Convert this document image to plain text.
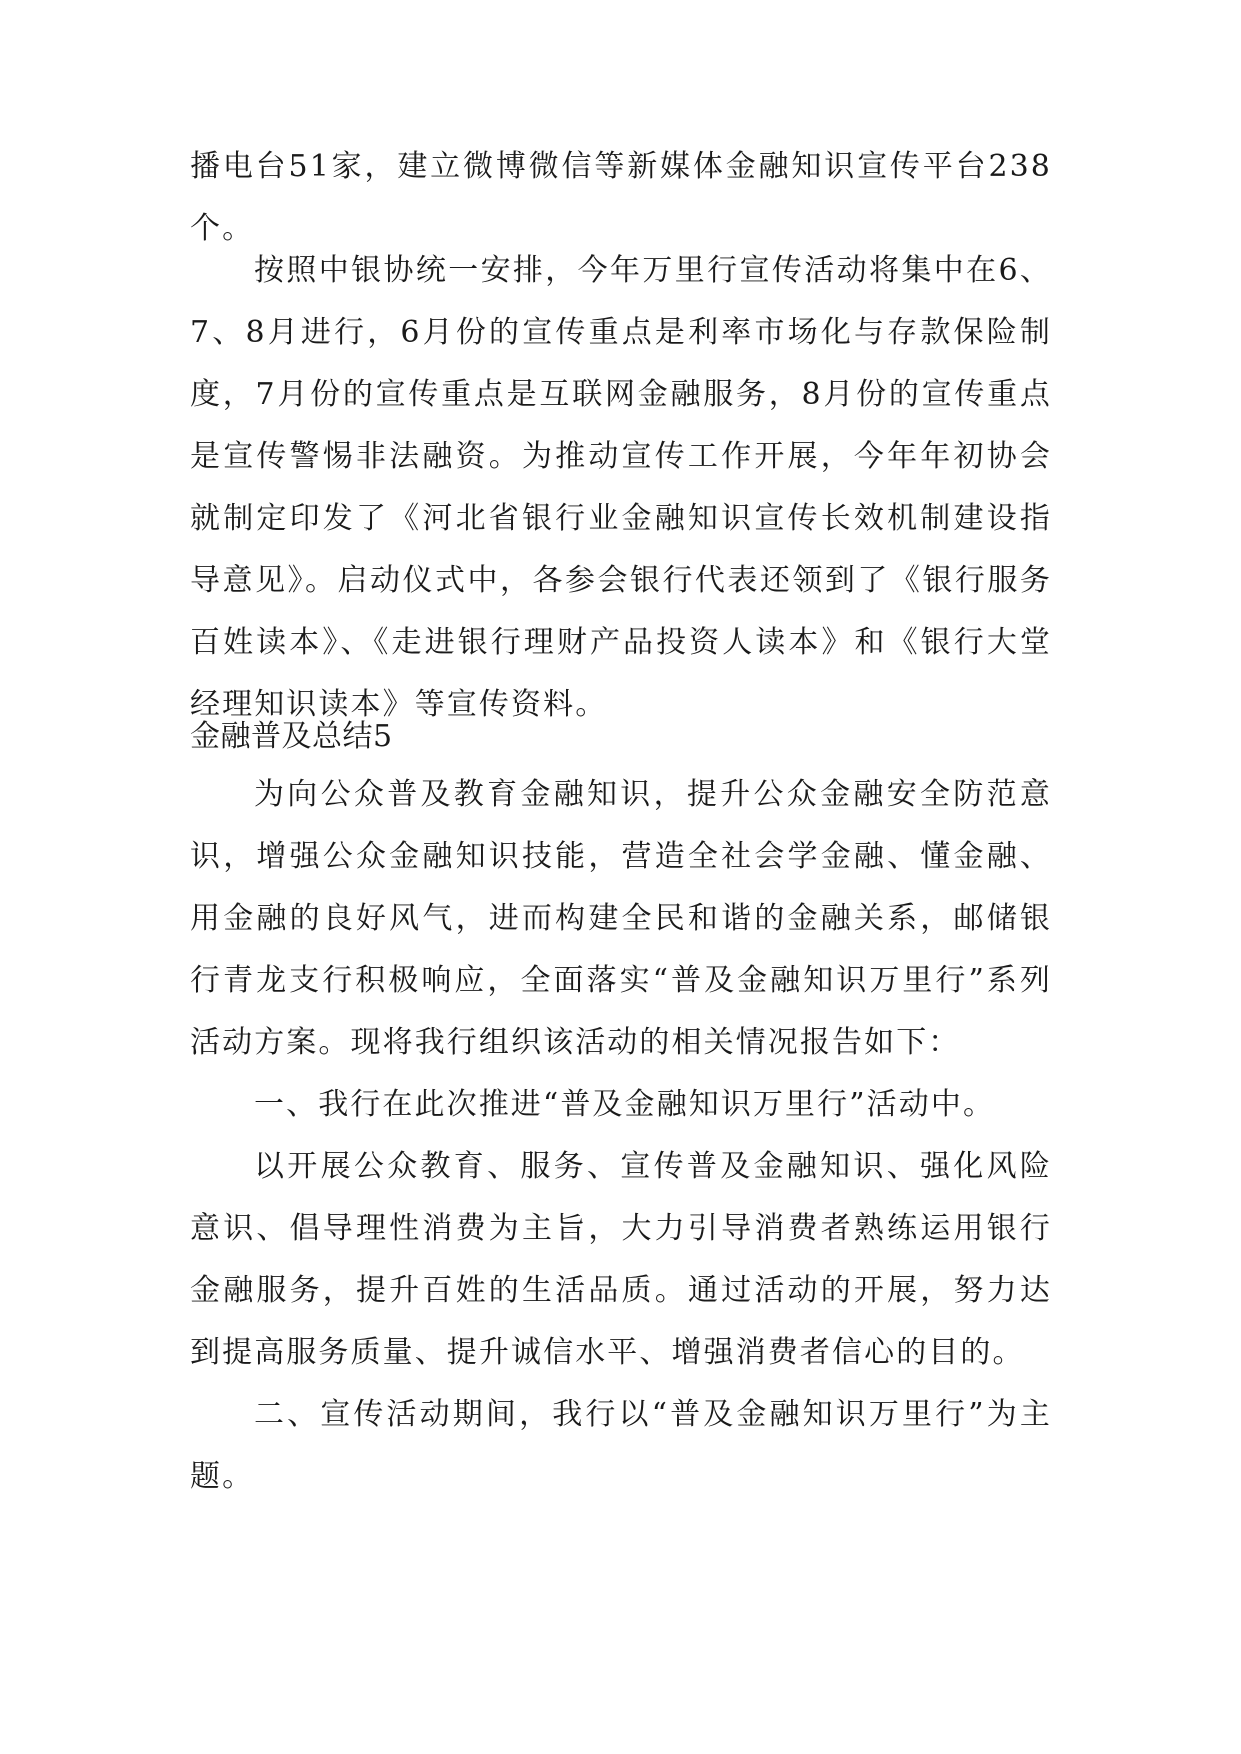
播电台51家，建立微博微信等新媒体金融知识宣传平台238个。

按照中银协统一安排，今年万里行宣传活动将集中在6、7、8月进行，6月份的宣传重点是利率市场化与存款保险制度，7月份的宣传重点是互联网金融服务，8月份的宣传重点是宣传警惕非法融资。为推动宣传工作开展，今年年初协会就制定印发了《河北省银行业金融知识宣传长效机制建设指导意见》。启动仪式中，各参会银行代表还领到了《银行服务百姓读本》、《走进银行理财产品投资人读本》和《银行大堂经理知识读本》等宣传资料。

金融普及总结5

为向公众普及教育金融知识，提升公众金融安全防范意识，增强公众金融知识技能，营造全社会学金融、懂金融、用金融的良好风气，进而构建全民和谐的金融关系，邮储银行青龙支行积极响应，全面落实“普及金融知识万里行”系列活动方案。现将我行组织该活动的相关情况报告如下：

一、我行在此次推进“普及金融知识万里行”活动中。

以开展公众教育、服务、宣传普及金融知识、强化风险意识、倡导理性消费为主旨，大力引导消费者熟练运用银行金融服务，提升百姓的生活品质。通过活动的开展，努力达到提高服务质量、提升诚信水平、增强消费者信心的目的。

二、宣传活动期间，我行以“普及金融知识万里行”为主题。
